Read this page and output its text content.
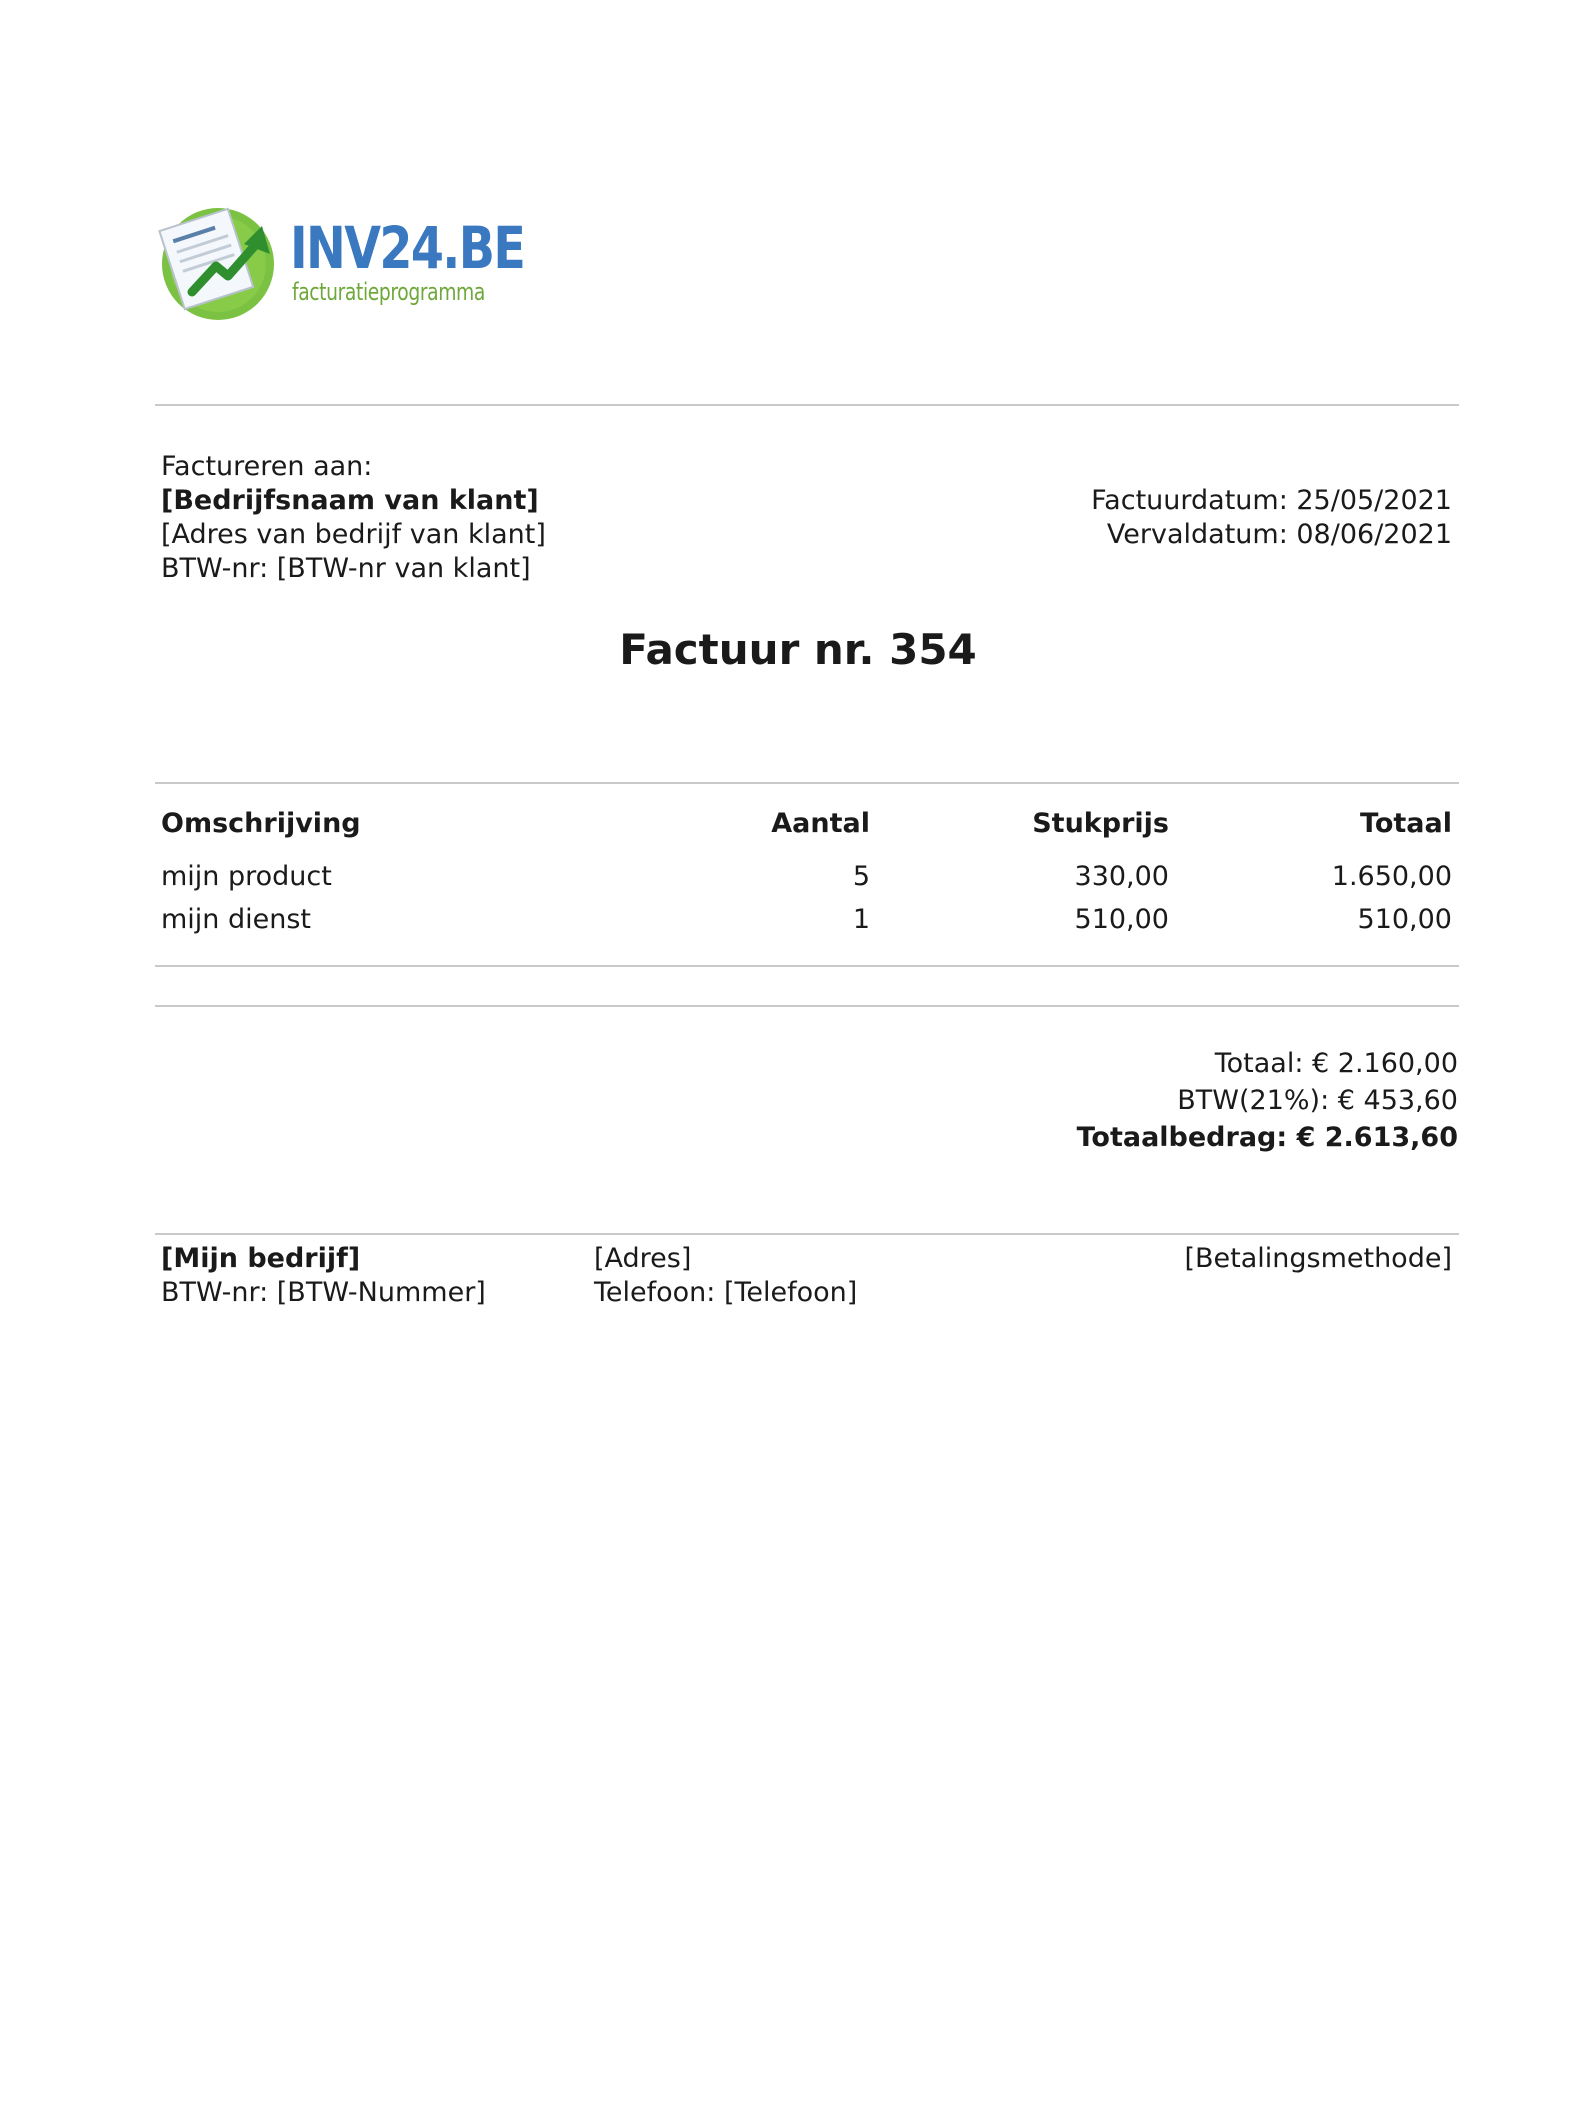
INV24.BE
facturatieprogramma
Factureren aan:
[Bedrijfsnaam van klant]
[Adres van bedrijf van klant]
BTW-nr: [BTW-nr van klant]
Factuurdatum: 25/05/2021
Vervaldatum: 08/06/2021
Factuur nr. 354
Omschrijving	Aantal	Stukprijs	Totaal
mijn product	5	330,00	1.650,00
mijn dienst	1	510,00	510,00
Totaal: € 2.160,00
BTW(21%): € 453,60
Totaalbedrag: € 2.613,60
[Mijn bedrijf]
BTW-nr: [BTW-Nummer]
[Adres]
Telefoon: [Telefoon]
[Betalingsmethode]
